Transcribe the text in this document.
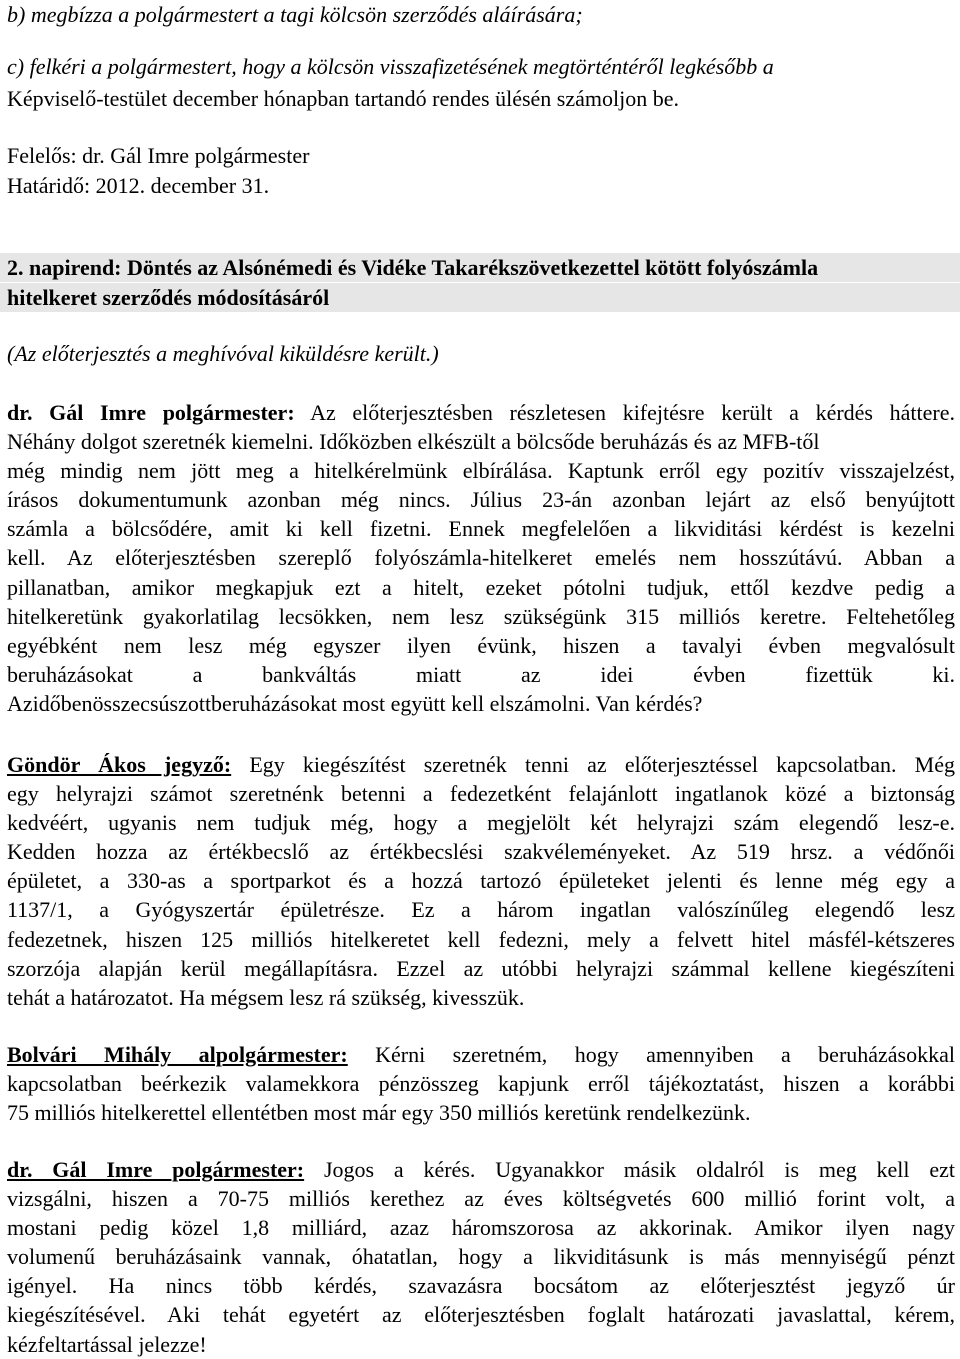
b) megbízza a polgármestert a tagi kölcsön szerződés aláírására;

c) felkéri a polgármestert, hogy a kölcsön visszafizetésének megtörténtéről legkésőbb a

Képviselő-testület december hónapban tartandó rendes ülésén számoljon be.

Felelős: dr. Gál Imre polgármester

Határidő: 2012. december 31.

2. napirend: Döntés az Alsónémedi és Vidéke Takarékszövetkezettel kötött folyószámla

hitelkeret szerződés módosításáról

(Az előterjesztés a meghívóval kiküldésre került.)

dr. Gál Imre polgármester: Az előterjesztésben részletesen kifejtésre került a kérdés háttere.
Néhány dolgot szeretnék kiemelni. Időközben elkészült a bölcsőde beruházás és az MFB-től
még mindig nem jött meg a hitelkérelmünk elbírálása. Kaptunk erről egy pozitív visszajelzést,
írásos dokumentumunk azonban még nincs. Július 23-án azonban lejárt az első benyújtott
számla a bölcsődére, amit ki kell fizetni. Ennek megfelelően a likviditási kérdést is kezelni
kell. Az előterjesztésben szereplő folyószámla-hitelkeret emelés nem hosszútávú. Abban a
pillanatban, amikor megkapjuk ezt a hitelt, ezeket pótolni tudjuk, ettől kezdve pedig a
hitelkeretünk gyakorlatilag lecsökken, nem lesz szükségünk 315 milliós keretre. Feltehetőleg
egyébként nem lesz még egyszer ilyen évünk, hiszen a tavalyi évben megvalósult
beruházásokat a bankváltás miatt az idei évben fizettük ki.
Azidőbenösszecsúszottberuházásokat most együtt kell elszámolni. Van kérdés?
Göndör Ákos jegyző: Egy kiegészítést szeretnék tenni az előterjesztéssel kapcsolatban. Még
egy helyrajzi számot szeretnénk betenni a fedezetként felajánlott ingatlanok közé a biztonság
kedvéért, ugyanis nem tudjuk még, hogy a megjelölt két helyrajzi szám elegendő lesz-e.
Kedden hozza az értékbecslő az értékbecslési szakvéleményeket. Az 519 hrsz. a védőnői
épületet, a 330-as a sportparkot és a hozzá tartozó épületeket jelenti és lenne még egy a
1137/1, a Gyógyszertár épületrésze. Ez a három ingatlan valószínűleg elegendő lesz
fedezetnek, hiszen 125 milliós hitelkeretet kell fedezni, mely a felvett hitel másfél-kétszeres
szorzója alapján kerül megállapításra. Ezzel az utóbbi helyrajzi számmal kellene kiegészíteni
tehát a határozatot. Ha mégsem lesz rá szükség, kivesszük.
Bolvári Mihály alpolgármester: Kérni szeretném, hogy amennyiben a beruházásokkal
kapcsolatban beérkezik valamekkora pénzösszeg kapjunk erről tájékoztatást, hiszen a korábbi
75 milliós hitelkerettel ellentétben most már egy 350 milliós keretünk rendelkezünk.
dr. Gál Imre polgármester: Jogos a kérés. Ugyanakkor másik oldalról is meg kell ezt
vizsgálni, hiszen a 70-75 milliós kerethez az éves költségvetés 600 millió forint volt, a
mostani pedig közel 1,8 milliárd, azaz háromszorosa az akkorinak. Amikor ilyen nagy
volumenű beruházásaink vannak, óhatatlan, hogy a likviditásunk is más mennyiségű pénzt
igényel. Ha nincs több kérdés, szavazásra bocsátom az előterjesztést jegyző úr
kiegészítésével. Aki tehát egyetért az előterjesztésben foglalt határozati javaslattal, kérem,
kézfeltartással jelezze!
